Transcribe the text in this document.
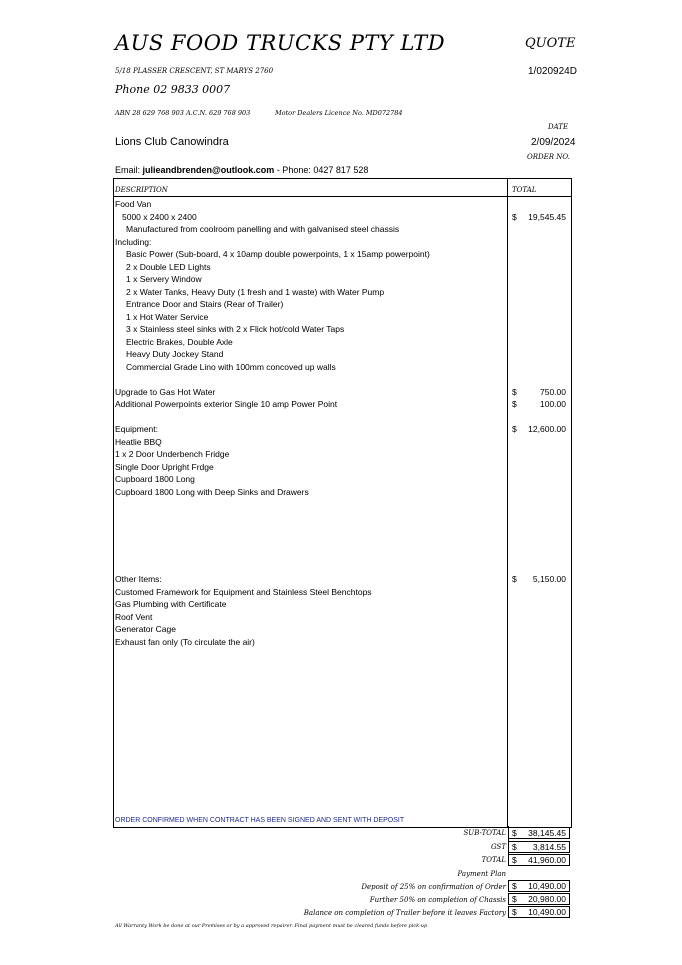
AUS FOOD TRUCKS PTY LTD	QUOTE
5/18 PLASSER CRESCENT, ST MARYS 2760	1/020924D
Phone 02 9833 0007
ABN 28 629 768 903 A.C.N. 629 768 903	Motor Dealers Licence No. MD072784
DATE
Lions Club Canowindra	2/09/2024
ORDER NO.
Email: julieandbrenden@outlook.com - Phone: 0427 817 528
DESCRIPTION	TOTAL
Food Van
5000 x 2400 x 2400	$ 19,545.45
Manufactured from coolroom panelling and with galvanised steel chassis
Including:
Basic Power (Sub-board, 4 x 10amp double powerpoints, 1 x 15amp powerpoint)
2 x Double LED Lights
1 x Servery Window
2 x Water Tanks, Heavy Duty (1 fresh and 1 waste) with Water Pump
Entrance Door and Stairs (Rear of Trailer)
1 x Hot Water Service
3 x Stainless steel sinks with 2 x Flick hot/cold Water Taps
Electric Brakes, Double Axle
Heavy Duty Jockey Stand
Commercial Grade Lino with 100mm concoved up walls
Upgrade to Gas Hot Water	$	750.00
Additional Powerpoints exterior Single 10 amp Power Point	$	100.00
Equipment:	$ 12,600.00
Heatlie BBQ
1 x 2 Door Underbench Fridge
Single Door Upright Frdge
Cupboard 1800 Long
Cupboard 1800 Long with Deep Sinks and Drawers
Other Items:	$ 5,150.00
Customed Framework for Equipment and Stainless Steel Benchtops
Gas Plumbing with Certificate
Roof Vent
Generator Cage
Exhaust fan only (To circulate the air)
ORDER CONFIRMED WHEN CONTRACT HAS BEEN SIGNED AND SENT WITH DEPOSIT
SUB-TOTAL $ 38,145.45
GST $ 3,814.55
TOTAL $ 41,960.00
Payment Plan
Deposit of 25% on confirmation of Order $ 10,490.00
Further 50% on completion of Chassis $ 20,980.00
Balance on completion of Trailer before it leaves Factory $ 10,490.00
All Warranty Work be done at our Premises or by a approved repairer. Final payment must be cleared funds before pick-up
